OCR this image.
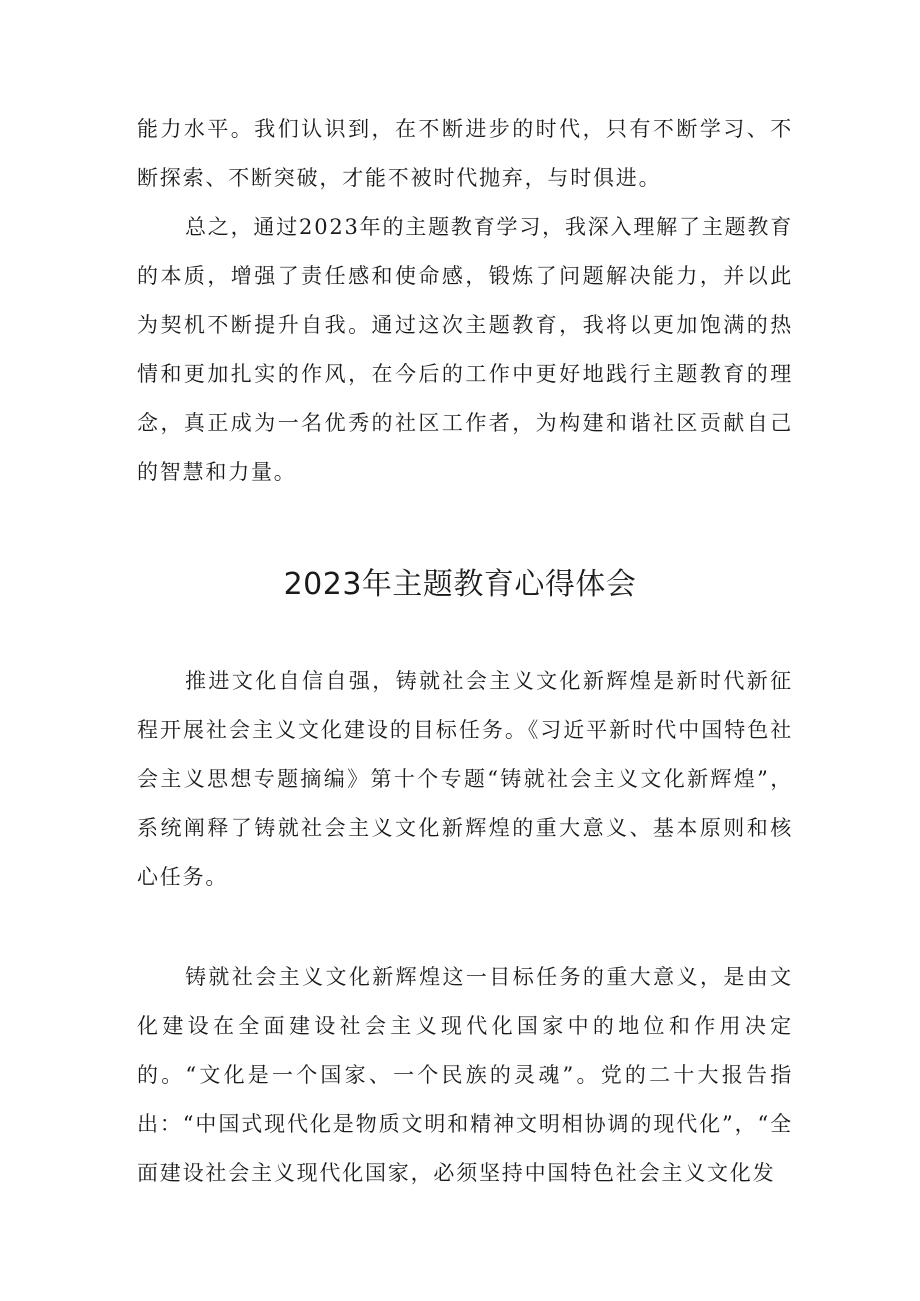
能力水平。我们认识到，在不断进步的时代，只有不断学习、不断探索、不断突破，才能不被时代抛弃，与时俱进。

总之，通过2023年的主题教育学习，我深入理解了主题教育的本质，增强了责任感和使命感，锻炼了问题解决能力，并以此为契机不断提升自我。通过这次主题教育，我将以更加饱满的热情和更加扎实的作风，在今后的工作中更好地践行主题教育的理念，真正成为一名优秀的社区工作者，为构建和谐社区贡献自己的智慧和力量。

2023年主题教育心得体会

推进文化自信自强，铸就社会主义文化新辉煌是新时代新征程开展社会主义文化建设的目标任务。《习近平新时代中国特色社会主义思想专题摘编》第十个专题“铸就社会主义文化新辉煌”，系统阐释了铸就社会主义文化新辉煌的重大意义、基本原则和核心任务。

铸就社会主义文化新辉煌这一目标任务的重大意义，是由文化建设在全面建设社会主义现代化国家中的地位和作用决定的。“文化是一个国家、一个民族的灵魂”。党的二十大报告指出：“中国式现代化是物质文明和精神文明相协调的现代化”，“全面建设社会主义现代化国家，必须坚持中国特色社会主义文化发
